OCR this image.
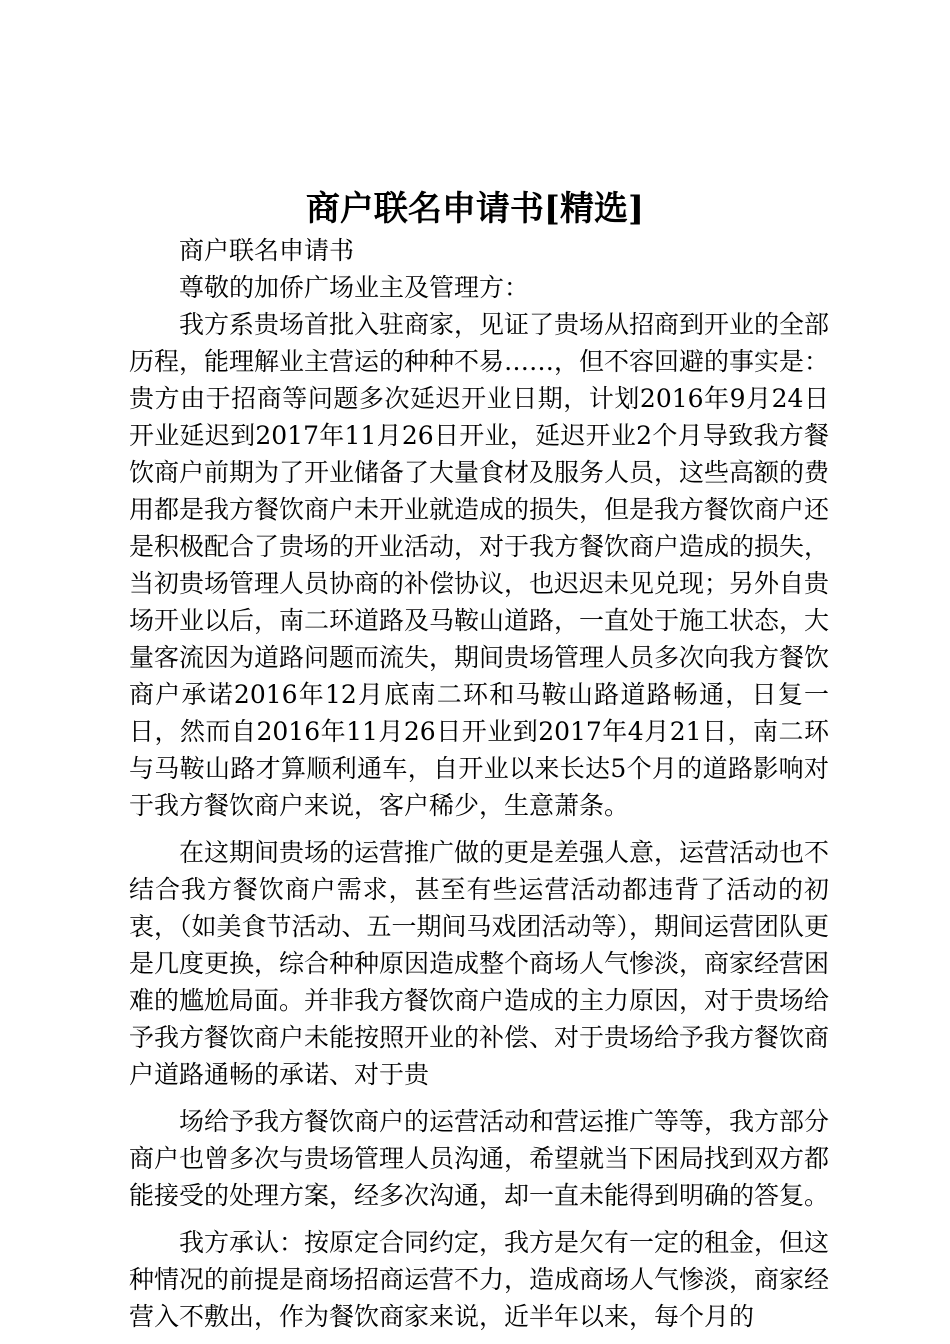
商户联名申请书[精选]

商户联名申请书

尊敬的加侨广场业主及管理方：

我方系贵场首批入驻商家，见证了贵场从招商到开业的全部历程，能理解业主营运的种种不易……，但不容回避的事实是：贵方由于招商等问题多次延迟开业日期，计划2016年9月24日开业延迟到2017年11月26日开业，延迟开业2个月导致我方餐饮商户前期为了开业储备了大量食材及服务人员，这些高额的费用都是我方餐饮商户未开业就造成的损失，但是我方餐饮商户还是积极配合了贵场的开业活动，对于我方餐饮商户造成的损失，当初贵场管理人员协商的补偿协议，也迟迟未见兑现；另外自贵场开业以后，南二环道路及马鞍山道路，一直处于施工状态，大量客流因为道路问题而流失，期间贵场管理人员多次向我方餐饮商户承诺2016年12月底南二环和马鞍山路道路畅通，日复一日，然而自2016年11月26日开业到2017年4月21日，南二环与马鞍山路才算顺利通车，自开业以来长达5个月的道路影响对于我方餐饮商户来说，客户稀少，生意萧条。

在这期间贵场的运营推广做的更是差强人意，运营活动也不结合我方餐饮商户需求，甚至有些运营活动都违背了活动的初衷，（如美食节活动、五一期间马戏团活动等），期间运营团队更是几度更换，综合种种原因造成整个商场人气惨淡，商家经营困难的尴尬局面。并非我方餐饮商户造成的主力原因，对于贵场给予我方餐饮商户未能按照开业的补偿、对于贵场给予我方餐饮商户道路通畅的承诺、对于贵

场给予我方餐饮商户的运营活动和营运推广等等，我方部分商户也曾多次与贵场管理人员沟通，希望就当下困局找到双方都能接受的处理方案，经多次沟通，却一直未能得到明确的答复。

我方承认：按原定合同约定，我方是欠有一定的租金，但这种情况的前提是商场招商运营不力，造成商场人气惨淡，商家经营入不敷出，作为餐饮商家来说，近半年以来，每个月的
